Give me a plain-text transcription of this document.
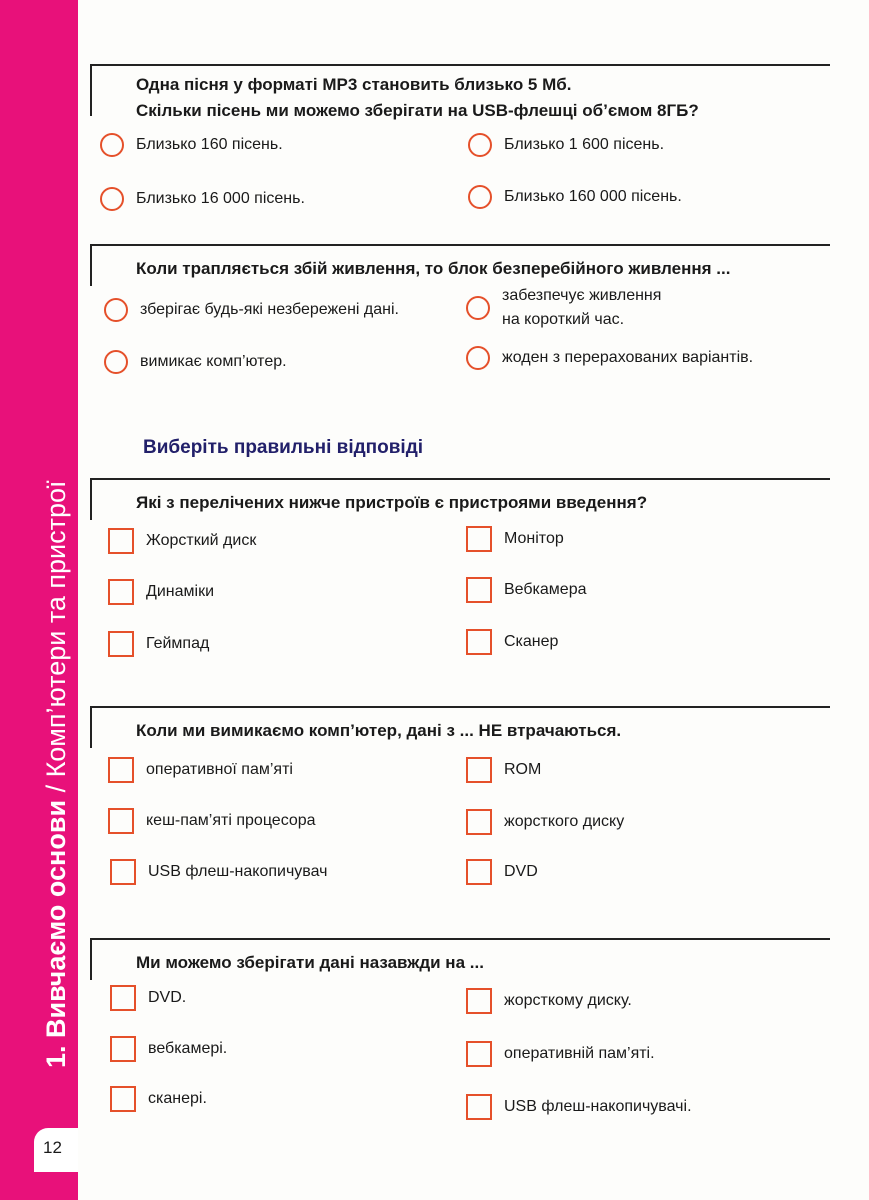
1. Вивчаємо основи / Комп’ютери та пристрої
12
Одна пісня у форматі MP3 становить близько 5 Мб.
Скільки пісень ми можемо зберігати на USB-флешці об’ємом 8ГБ?
Близько 160 пісень.	Близько 1 600 пісень.
Близько 16 000 пісень.	Близько 160 000 пісень.
Коли трапляється збій живлення, то блок безперебійного живлення ...
зберігає будь-які незбережені дані.
забезпечує живлення
на короткий час.
вимикає комп’ютер.	жоден з перерахованих варіантів.
Виберіть правильні відповіді
Які з перелічених нижче пристроїв є пристроями введення?
Жорсткий диск	Монітор
Динаміки	Вебкамера
Геймпад	Сканер
Коли ми вимикаємо комп’ютер, дані з ... НЕ втрачаються.
оперативної пам’яті	ROM
кеш-пам’яті процесора	жорсткого диску
USB флеш-накопичувач	DVD
Ми можемо зберігати дані назавжди на ...
DVD.	жорсткому диску.
вебкамері.	оперативній пам’яті.
сканері.	USB флеш-накопичувачі.
